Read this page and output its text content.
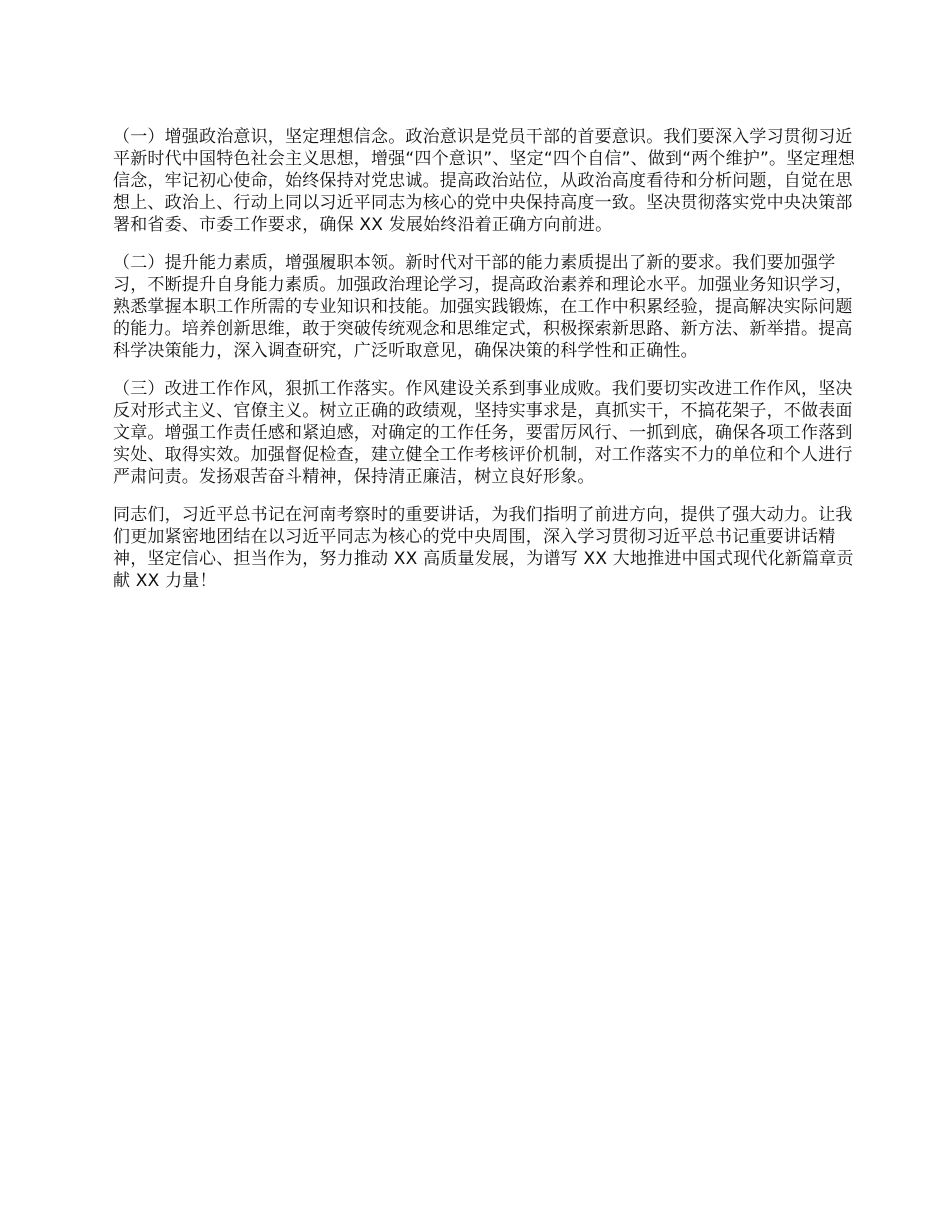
（一）增强政治意识，坚定理想信念。政治意识是党员干部的首要意识。我们要深入学习贯彻习近平新时代中国特色社会主义思想，增强“四个意识”、坚定“四个自信”、做到“两个维护”。坚定理想信念，牢记初心使命，始终保持对党忠诚。提高政治站位，从政治高度看待和分析问题，自觉在思想上、政治上、行动上同以习近平同志为核心的党中央保持高度一致。坚决贯彻落实党中央决策部署和省委、市委工作要求，确保 XX 发展始终沿着正确方向前进。

（二）提升能力素质，增强履职本领。新时代对干部的能力素质提出了新的要求。我们要加强学习，不断提升自身能力素质。加强政治理论学习，提高政治素养和理论水平。加强业务知识学习，熟悉掌握本职工作所需的专业知识和技能。加强实践锻炼，在工作中积累经验，提高解决实际问题的能力。培养创新思维，敢于突破传统观念和思维定式，积极探索新思路、新方法、新举措。提高科学决策能力，深入调查研究，广泛听取意见，确保决策的科学性和正确性。

（三）改进工作作风，狠抓工作落实。作风建设关系到事业成败。我们要切实改进工作作风，坚决反对形式主义、官僚主义。树立正确的政绩观，坚持实事求是，真抓实干，不搞花架子，不做表面文章。增强工作责任感和紧迫感，对确定的工作任务，要雷厉风行、一抓到底，确保各项工作落到实处、取得实效。加强督促检查，建立健全工作考核评价机制，对工作落实不力的单位和个人进行严肃问责。发扬艰苦奋斗精神，保持清正廉洁，树立良好形象。

同志们，习近平总书记在河南考察时的重要讲话，为我们指明了前进方向，提供了强大动力。让我们更加紧密地团结在以习近平同志为核心的党中央周围，深入学习贯彻习近平总书记重要讲话精神，坚定信心、担当作为，努力推动 XX 高质量发展，为谱写 XX 大地推进中国式现代化新篇章贡献 XX 力量！
